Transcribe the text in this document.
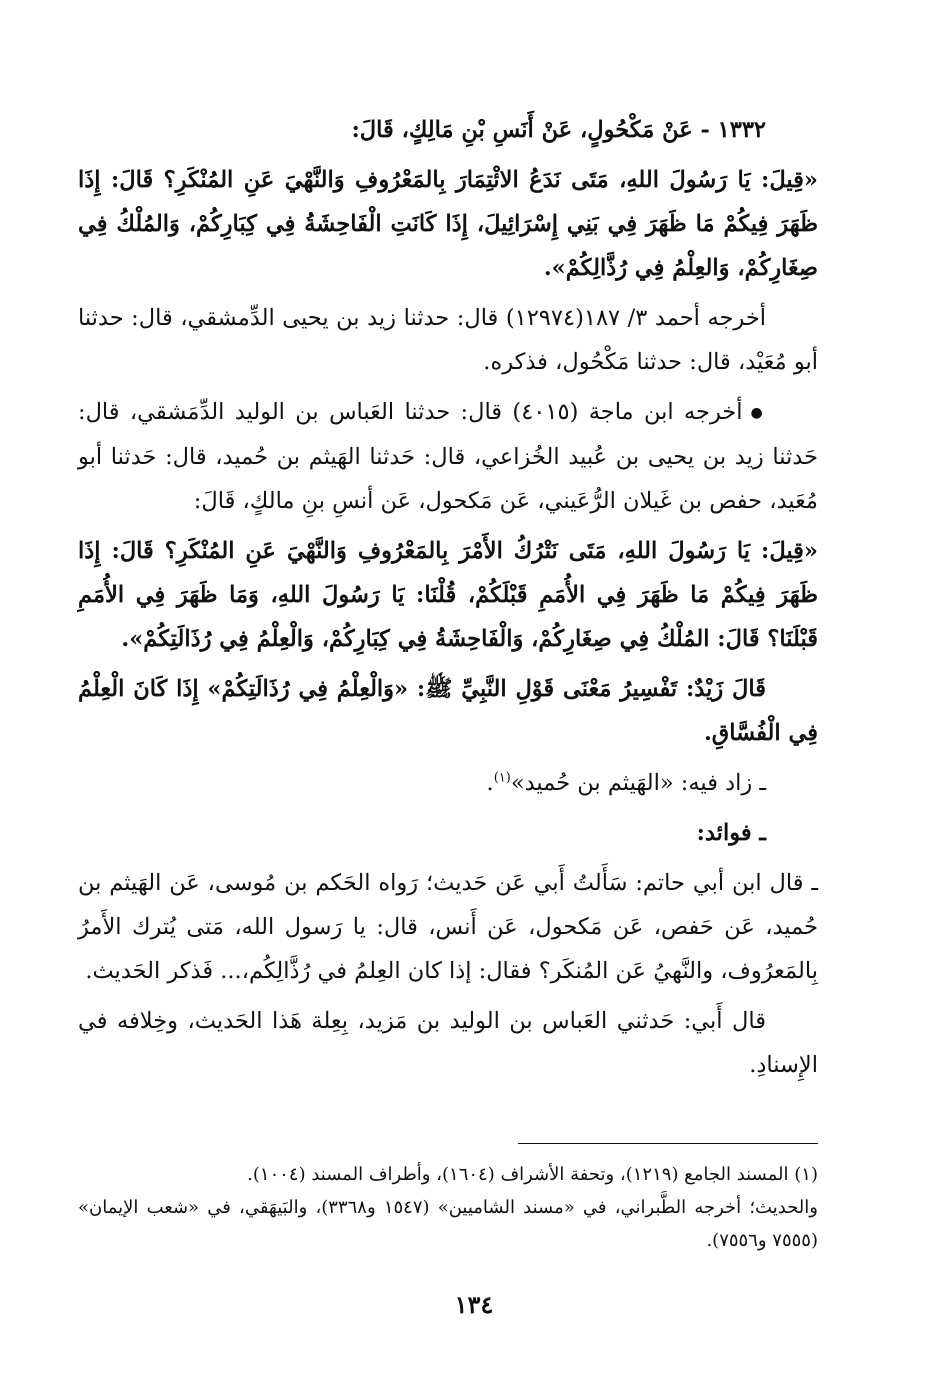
١٣٣٢ - عَنْ مَكْحُولٍ، عَنْ أَنَسِ بْنِ مَالِكٍ، قَالَ:

«قِيلَ: يَا رَسُولَ اللهِ، مَتَى نَدَعُ الائْتِمَارَ بِالمَعْرُوفِ وَالنَّهْيَ عَنِ المُنْكَرِ؟ قَالَ: إِذَا ظَهَرَ فِيكُمْ مَا ظَهَرَ فِي بَنِي إِسْرَائِيلَ، إِذَا كَانَتِ الْفَاحِشَةُ فِي كِبَارِكُمْ، وَالمُلْكُ فِي صِغَارِكُمْ، وَالعِلْمُ فِي رُذَّالِكُمْ».

أخرجه أحمد ٣/ ١٨٧(١٢٩٧٤) قال: حدثنا زيد بن يحيى الدِّمشقي، قال: حدثنا أبو مُعَيْد، قال: حدثنا مَكْحُول، فذكره.

●أخرجه ابن ماجة (٤٠١٥) قال: حدثنا العَباس بن الوليد الدِّمَشقي، قال: حَدثنا زيد بن يحيى بن عُبيد الخُزاعي، قال: حَدثنا الهَيثم بن حُميد، قال: حَدثنا أبو مُعَيد، حفص بن غَيلان الرُّعَيني، عَن مَكحول، عَن أنسِ بنِ مالكٍ، قَالَ:

«قِيلَ: يَا رَسُولَ اللهِ، مَتَى نَتْرُكُ الأَمْرَ بِالمَعْرُوفِ وَالنَّهْيَ عَنِ المُنْكَرِ؟ قَالَ: إِذَا ظَهَرَ فِيكُمْ مَا ظَهَرَ فِي الأُمَمِ قَبْلَكُمْ، قُلْنَا: يَا رَسُولَ اللهِ، وَمَا ظَهَرَ فِي الأُمَمِ قَبْلَنَا؟ قَالَ: المُلْكُ فِي صِغَارِكُمْ، وَالْفَاحِشَةُ فِي كِبَارِكُمْ، وَالْعِلْمُ فِي رُذَالَتِكُمْ».

قَالَ زَيْدٌ: تَفْسِيرُ مَعْنَى قَوْلِ النَّبِيِّ ﷺ: «وَالْعِلْمُ فِي رُذَالَتِكُمْ» إِذَا كَانَ الْعِلْمُ فِي الْفُسَّاقِ.

ـ زاد فيه: «الهَيثم بن حُميد»$^{(١)}$.

ـ فوائد:

ـ قال ابن أبي حاتم: سَأَلتُ أَبي عَن حَديث؛ رَواه الحَكم بن مُوسى، عَن الهَيثم بن حُميد، عَن حَفص، عَن مَكحول، عَن أَنس، قال: يا رَسول الله، مَتى يُترك الأَمرُ بِالمَعرُوف، والنَّهيُ عَن المُنكَر؟ فقال: إذا كان العِلمُ في رُذَّالِكُم،... فَذكر الحَديث.

قال أَبي: حَدثني العَباس بن الوليد بن مَزيد، بِعِلة هَذا الحَديث، وخِلافه في الإِسنادِ.

(١) المسند الجامع (١٢١٩)، وتحفة الأشراف (١٦٠٤)، وأطراف المسند (١٠٠٤).

والحديث؛ أخرجه الطَّبراني، في «مسند الشاميين» (١٥٤٧ و٣٣٦٨)، والبَيهَقي، في «شعب الإيمان» (٧٥٥٥ و٧٥٥٦).

١٣٤
